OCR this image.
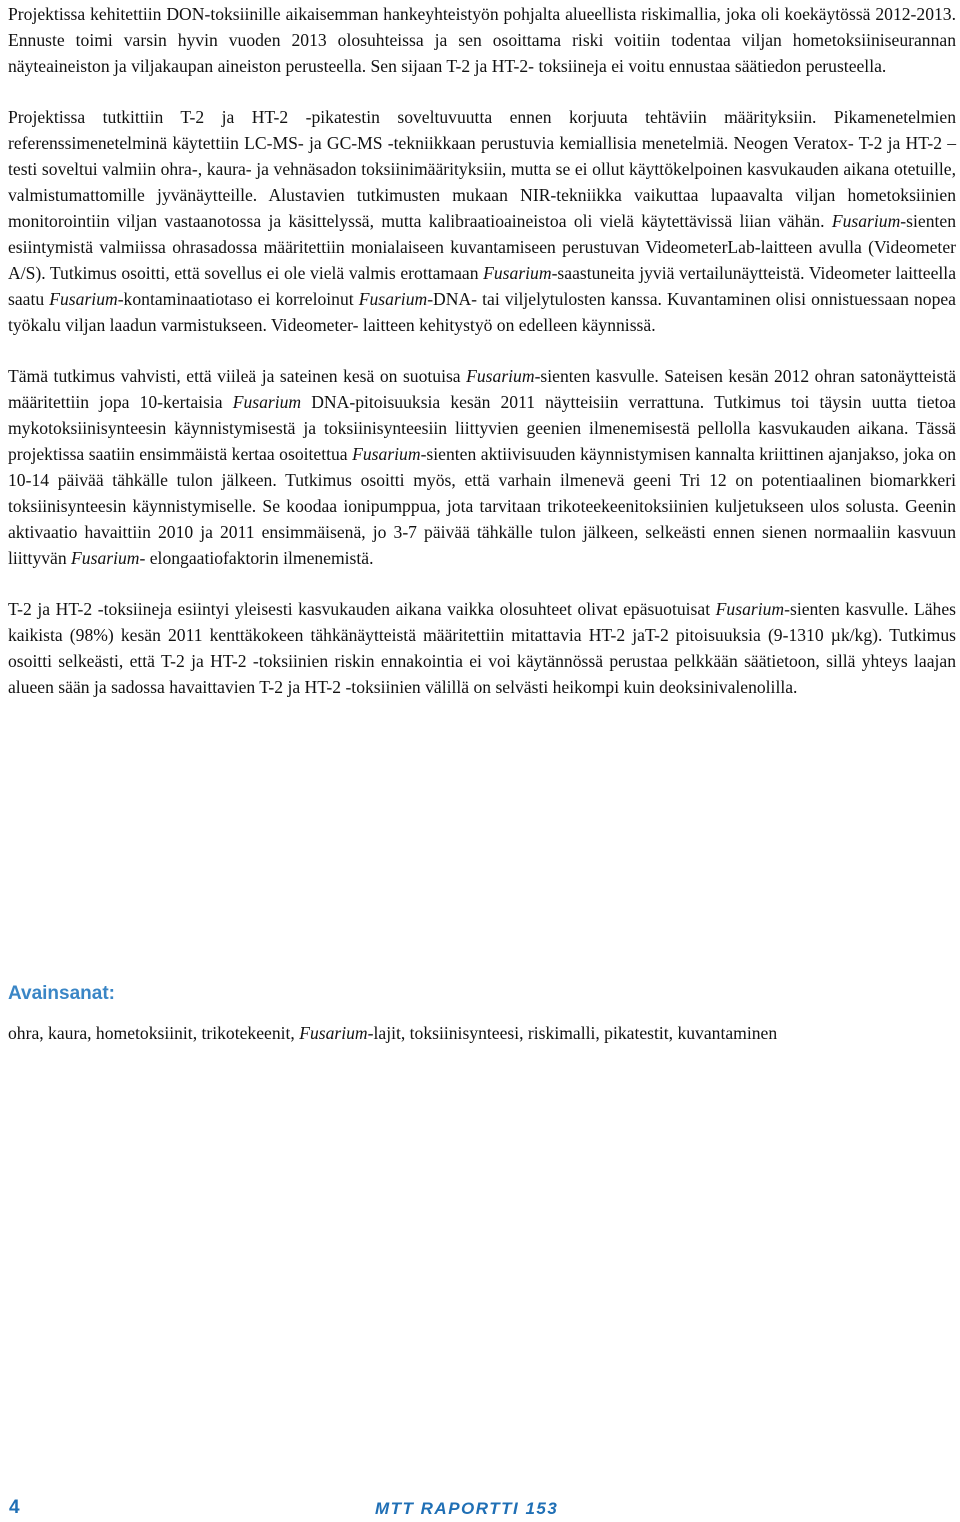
Projektissa kehitettiin DON-toksiinille aikaisemman hankeyhteistyön pohjalta alueellista riskimallia, joka oli koekäytössä 2012-2013. Ennuste toimi varsin hyvin vuoden 2013 olosuhteissa ja sen osoittama riski voitiin todentaa viljan hometoksiiniseurannan näyteaineiston ja viljakaupan aineiston perusteella. Sen sijaan T-2 ja HT-2- toksiineja ei voitu ennustaa säätiedon perusteella.

Projektissa tutkittiin T-2 ja HT-2 -pikatestin soveltuvuutta ennen korjuuta tehtäviin määrityksiin. Pikamenetelmien referenssimenetelminä käytettiin LC-MS- ja GC-MS -tekniikkaan perustuvia kemiallisia menetelmiä. Neogen Veratox- T-2 ja HT-2 –testi soveltui valmiin ohra-, kaura- ja vehnäsadon toksiinimäärityksiin, mutta se ei ollut käyttökelpoinen kasvukauden aikana otetuille, valmistumattomille jyvänäytteille. Alustavien tutkimusten mukaan NIR-tekniikka vaikuttaa lupaavalta viljan hometoksiinien monitorointiin viljan vastaanotossa ja käsittelyssä, mutta kalibraatioaineistoa oli vielä käytettävissä liian vähän. Fusarium-sienten esiintymistä valmiissa ohrasadossa määritettiin monialaiseen kuvantamiseen perustuvan VideometerLab-laitteen avulla (Videometer A/S). Tutkimus osoitti, että sovellus ei ole vielä valmis erottamaan Fusarium-saastuneita jyviä vertailunäytteistä. Videometer laitteella saatu Fusarium-kontaminaatiotaso ei korreloinut Fusarium-DNA- tai viljelytulosten kanssa. Kuvantaminen olisi onnistuessaan nopea työkalu viljan laadun varmistukseen. Videometer- laitteen kehitystyö on edelleen käynnissä.

Tämä tutkimus vahvisti, että viileä ja sateinen kesä on suotuisa Fusarium-sienten kasvulle. Sateisen kesän 2012 ohran satonäytteistä määritettiin jopa 10-kertaisia Fusarium DNA-pitoisuuksia kesän 2011 näytteisiin verrattuna. Tutkimus toi täysin uutta tietoa mykotoksiinisynteesin käynnistymisestä ja toksiinisynteesiin liittyvien geenien ilmenemisestä pellolla kasvukauden aikana. Tässä projektissa saatiin ensimmäistä kertaa osoitettua Fusarium-sienten aktiivisuuden käynnistymisen kannalta kriittinen ajanjakso, joka on 10-14 päivää tähkälle tulon jälkeen. Tutkimus osoitti myös, että varhain ilmenevä geeni Tri 12 on potentiaalinen biomarkkeri toksiinisynteesin käynnistymiselle. Se koodaa ionipumppua, jota tarvitaan trikoteekeenitoksiinien kuljetukseen ulos solusta. Geenin aktivaatio havaittiin 2010 ja 2011 ensimmäisenä, jo 3-7 päivää tähkälle tulon jälkeen, selkeästi ennen sienen normaaliin kasvuun liittyvän Fusarium- elongaatiofaktorin ilmenemistä.

T-2 ja HT-2 -toksiineja esiintyi yleisesti kasvukauden aikana vaikka olosuhteet olivat epäsuotuisat Fusarium-sienten kasvulle. Lähes kaikista (98%) kesän 2011 kenttäkokeen tähkänäytteistä määritettiin mitattavia HT-2 jaT-2 pitoisuuksia (9-1310 µk/kg). Tutkimus osoitti selkeästi, että T-2 ja HT-2 -toksiinien riskin ennakointia ei voi käytännössä perustaa pelkkään säätietoon, sillä yhteys laajan alueen sään ja sadossa havaittavien T-2 ja HT-2 -toksiinien välillä on selvästi heikompi kuin deoksinivalenolilla.

Avainsanat:

ohra, kaura, hometoksiinit, trikotekeenit, Fusarium-lajit, toksiinisynteesi, riskimalli, pikatestit, kuvantaminen

4	MTT RAPORTTI 153
